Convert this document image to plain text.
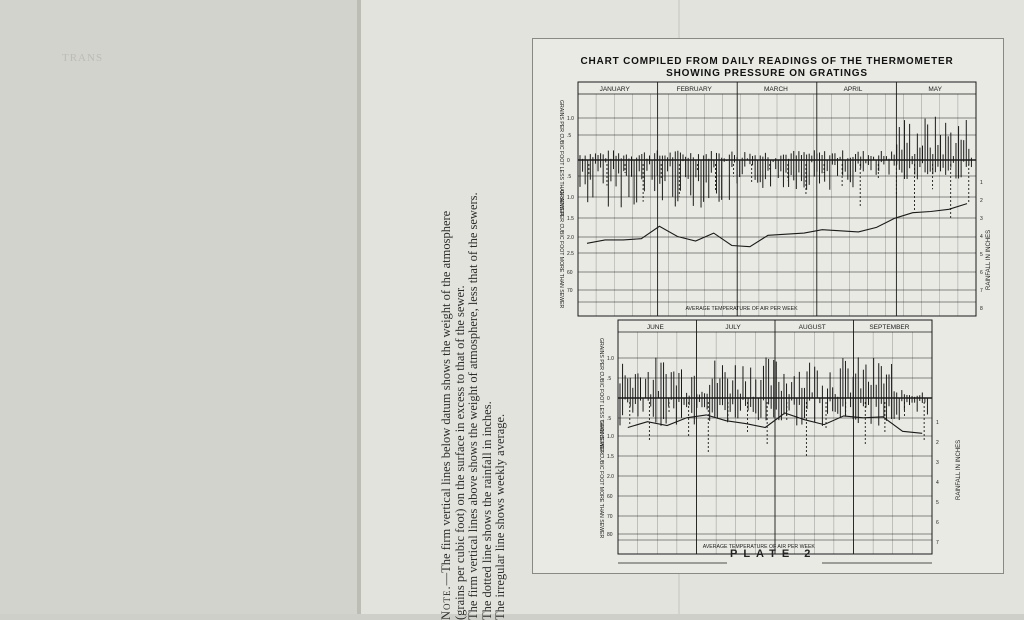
TRANS
Note.—The firm vertical lines below datum shows the weight of the atmosphere (grains per cubic foot) on the surface in excess to that of the sewer. The firm vertical lines above shows the weight of atmosphere, less that of the sewers. The dotted line shows the rainfall in inches. The irregular line shows weekly average.
CHART COMPILED FROM DAILY READINGS OF THE THERMOMETER
SHOWING PRESSURE ON GRATINGS
JANUARY	FEBRUARY	MARCH	APRIL	MAY
AVERAGE TEMPERATURE OF AIR PER WEEK
1.0
.5
0
.5
1.0
1.5
2.0
2.5
60
70
1
2
3
4
5
6
7
8
JUNE	JULY	AUGUST	SEPTEMBER
AVERAGE TEMPERATURE OF AIR PER WEEK
1.0
.5
0
.5
1.0
1.5
2.0
60
70
80
1
2
3
4
5
6
7
GRAINS PER CUBIC FOOT LESS THAN SEWER
GRAINS PER CUBIC FOOT MORE THAN SEWER
GRAINS PER CUBIC FOOT LESS THAN SEWER
GRAINS PER CUBIC FOOT MORE THAN SEWER
RAINFALL IN INCHES
RAINFALL IN INCHES
PLATE 2
